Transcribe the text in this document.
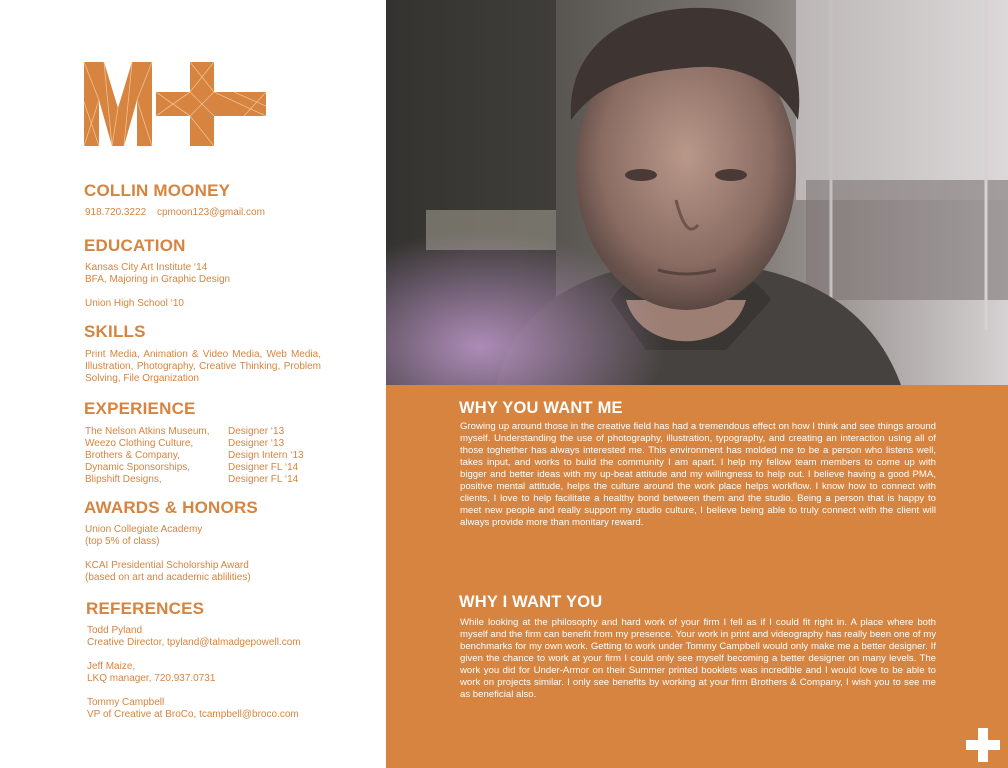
COLLIN MOONEY
918.720.3222 cpmoon123@gmail.com
EDUCATION
Kansas City Art Institute ‘14
BFA, Majoring in Graphic Design
Union High School ‘10
SKILLS
Print Media, Animation & Video Media, Web Media, Illustration, Photography, Creative Thinking, Problem Solving, File Organization
EXPERIENCE
The Nelson Atkins Museum,	Designer ‘13
Weezo Clothing Culture,	Designer ‘13
Brothers & Company,	Design Intern ‘13
Dynamic Sponsorships,	Designer FL ‘14
Blipshift Designs,	Designer FL ‘14
AWARDS & HONORS
Union Collegiate Academy
(top 5% of class)
KCAI Presidential Scholorship Award
(based on art and academic ablilities)
REFERENCES
Todd Pyland
Creative Director, tpyland@talmadgepowell.com
Jeff Maize,
LKQ manager, 720.937.0731
Tommy Campbell
VP of Creative at BroCo, tcampbell@broco.com
WHY YOU WANT ME
Growing up around those in the creative field has had a tremendous effect on how I think and see things around myself. Understanding the use of photography, illustration, typography, and creating an interaction using all of those toghether has always interested me. This environment has molded me to be a person who listens well, takes input, and works to build the community I am apart. I help my fellow team members to come up with bigger and better ideas with my up-beat attitude and my willingness to help out. I believe having a good PMA, positive mental attitude, helps the culture around the work place helps workflow. I know how to connect with clients, I love to help facilitate a healthy bond between them and the studio. Being a person that is happy to meet new people and really support my studio culture, I believe being able to truly connect with the client will always provide more than monitary reward.
WHY I WANT YOU
While looking at the philosophy and hard work of your firm I fell as if I could fit right in. A place where both myself and the firm can benefit from my presence. Your work in print and videography has really been one of my benchmarks for my own work. Getting to work under Tommy Campbell would only make me a better designer. If given the chance to work at your firm I could only see myself becoming a better designer on many levels. The work you did for Under-Armor on their Summer printed booklets was incredible and I would love to be able to work on projects similar. I only see benefits by working at your firm Brothers & Company, I wish you to see me as beneficial also.
